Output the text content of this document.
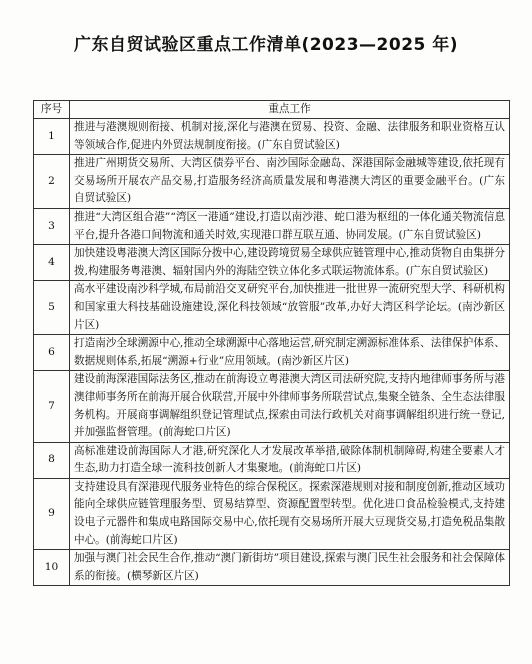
广东自贸试验区重点工作清单(2023—2025 年)
序号	重点工作
1	推进与港澳规则衔接、机制对接,深化与港澳在贸易、投资、金融、法律服务和职业资格互认等领域合作,促进内外贸法规制度衔接。(广东自贸试验区)
2	推进广州期货交易所、大湾区债券平台、南沙国际金融岛、深港国际金融城等建设,依托现有交易场所开展农产品交易,打造服务经济高质量发展和粤港澳大湾区的重要金融平台。(广东自贸试验区)
3	推进“大湾区组合港”“湾区一港通”建设,打造以南沙港、蛇口港为枢纽的一体化通关物流信息平台,提升各港口间物流和通关时效,实现港口群互联互通、协同发展。(广东自贸试验区)
4	加快建设粤港澳大湾区国际分拨中心,建设跨境贸易全球供应链管理中心,推动货物自由集拼分拨,构建服务粤港澳、辐射国内外的海陆空铁立体化多式联运物流体系。(广东自贸试验区)
5	高水平建设南沙科学城,布局前沿交叉研究平台,加快推进一批世界一流研究型大学、科研机构和国家重大科技基础设施建设,深化科技领域“放管服”改革,办好大湾区科学论坛。(南沙新区片区)
6	打造南沙全球溯源中心,推动全球溯源中心落地运营,研究制定溯源标准体系、法律保护体系、数据规则体系,拓展“溯源+行业”应用领域。(南沙新区片区)
7	建设前海深港国际法务区,推动在前海设立粤港澳大湾区司法研究院,支持内地律师事务所与港澳律师事务所在前海开展合伙联营,开展中外律师事务所联营试点,集聚全链条、全生态法律服务机构。开展商事调解组织登记管理试点,探索由司法行政机关对商事调解组织进行统一登记,并加强监督管理。(前海蛇口片区)
8	高标准建设前海国际人才港,研究深化人才发展改革举措,破除体制机制障碍,构建全要素人才生态,助力打造全球一流科技创新人才集聚地。(前海蛇口片区)
9	支持建设具有深港现代服务业特色的综合保税区。探索深港规则对接和制度创新,推动区域功能向全球供应链管理服务型、贸易结算型、资源配置型转型。优化进口食品检验模式,支持建设电子元器件和集成电路国际交易中心,依托现有交易场所开展大豆现货交易,打造免税品集散中心。(前海蛇口片区)
10	加强与澳门社会民生合作,推动“澳门新街坊”项目建设,探索与澳门民生社会服务和社会保障体系的衔接。(横琴新区片区)
